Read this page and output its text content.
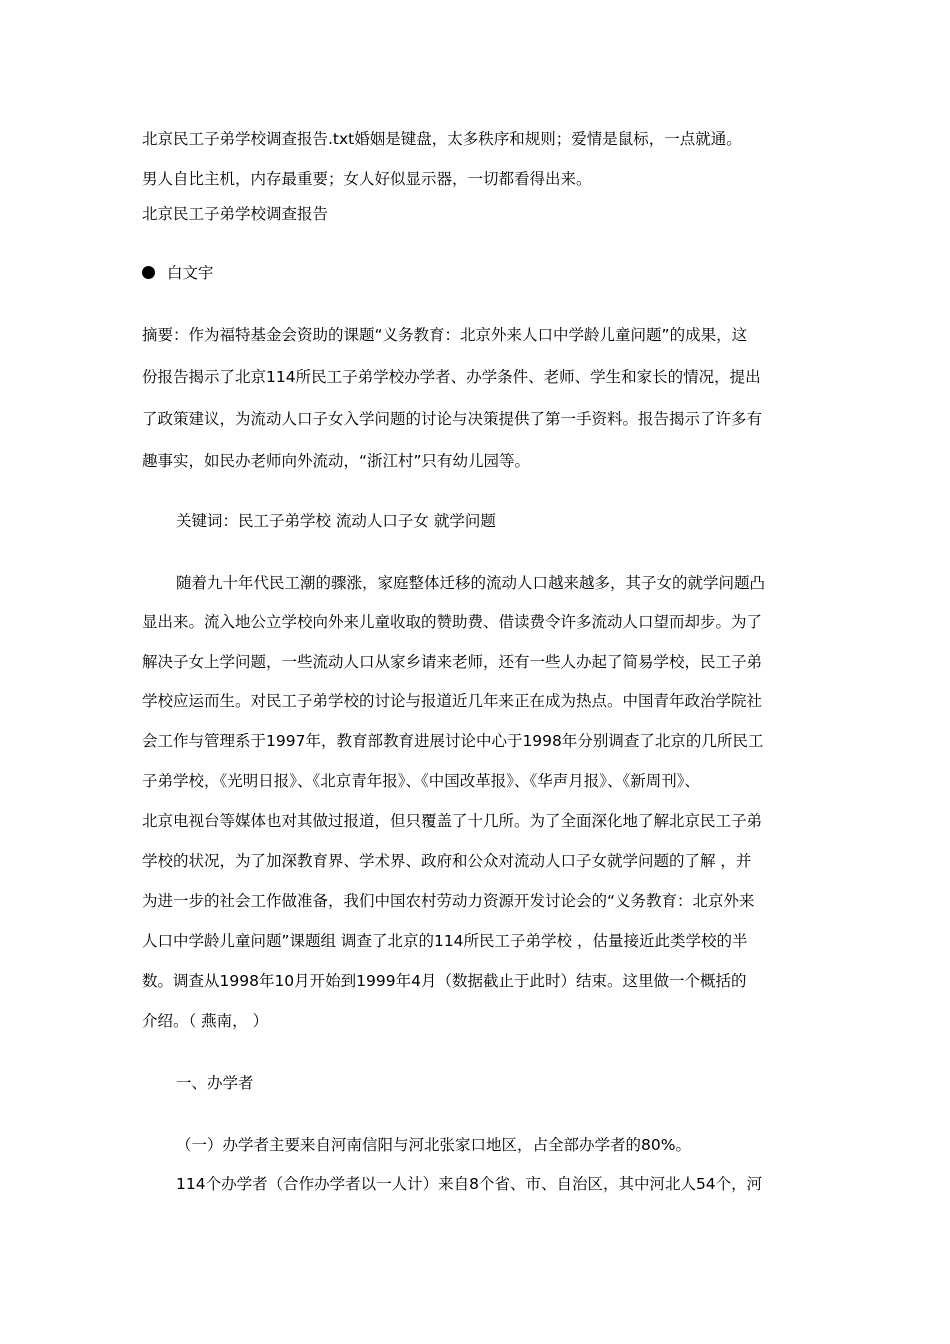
北京民工子弟学校调查报告.txt婚姻是键盘，太多秩序和规则；爱情是鼠标，一点就通。
男人自比主机，内存最重要；女人好似显示器，一切都看得出来。
北京民工子弟学校调查报告
白文宇
摘要：作为福特基金会资助的课题“义务教育：北京外来人口中学龄儿童问题”的成果，这
份报告揭示了北京114所民工子弟学校办学者、办学条件、老师、学生和家长的情况，提出
了政策建议，为流动人口子女入学问题的讨论与决策提供了第一手资料。报告揭示了许多有
趣事实，如民办老师向外流动，“浙江村”只有幼儿园等。
关键词：民工子弟学校 流动人口子女 就学问题
随着九十年代民工潮的骤涨，家庭整体迁移的流动人口越来越多，其子女的就学问题凸
显出来。流入地公立学校向外来儿童收取的赞助费、借读费令许多流动人口望而却步。为了
解决子女上学问题，一些流动人口从家乡请来老师，还有一些人办起了简易学校，民工子弟
学校应运而生。对民工子弟学校的讨论与报道近几年来正在成为热点。中国青年政治学院社
会工作与管理系于1997年，教育部教育进展讨论中心于1998年分别调查了北京的几所民工
子弟学校，《光明日报》、《北京青年报》、《中国改革报》、《华声月报》、《新周刊》、
北京电视台等媒体也对其做过报道，但只覆盖了十几所。为了全面深化地了解北京民工子弟
学校的状况，为了加深教育界、学术界、政府和公众对流动人口子女就学问题的了解 ，并
为进一步的社会工作做准备，我们中国农村劳动力资源开发讨论会的“义务教育：北京外来
人口中学龄儿童问题”课题组 调查了北京的114所民工子弟学校 ，估量接近此类学校的半
数。调查从1998年10月开始到1999年4月（数据截止于此时）结束。这里做一个概括的
介绍。（ 燕南， ）
一、办学者
（一）办学者主要来自河南信阳与河北张家口地区，占全部办学者的80%。
114个办学者（合作办学者以一人计）来自8个省、市、自治区，其中河北人54个，河
